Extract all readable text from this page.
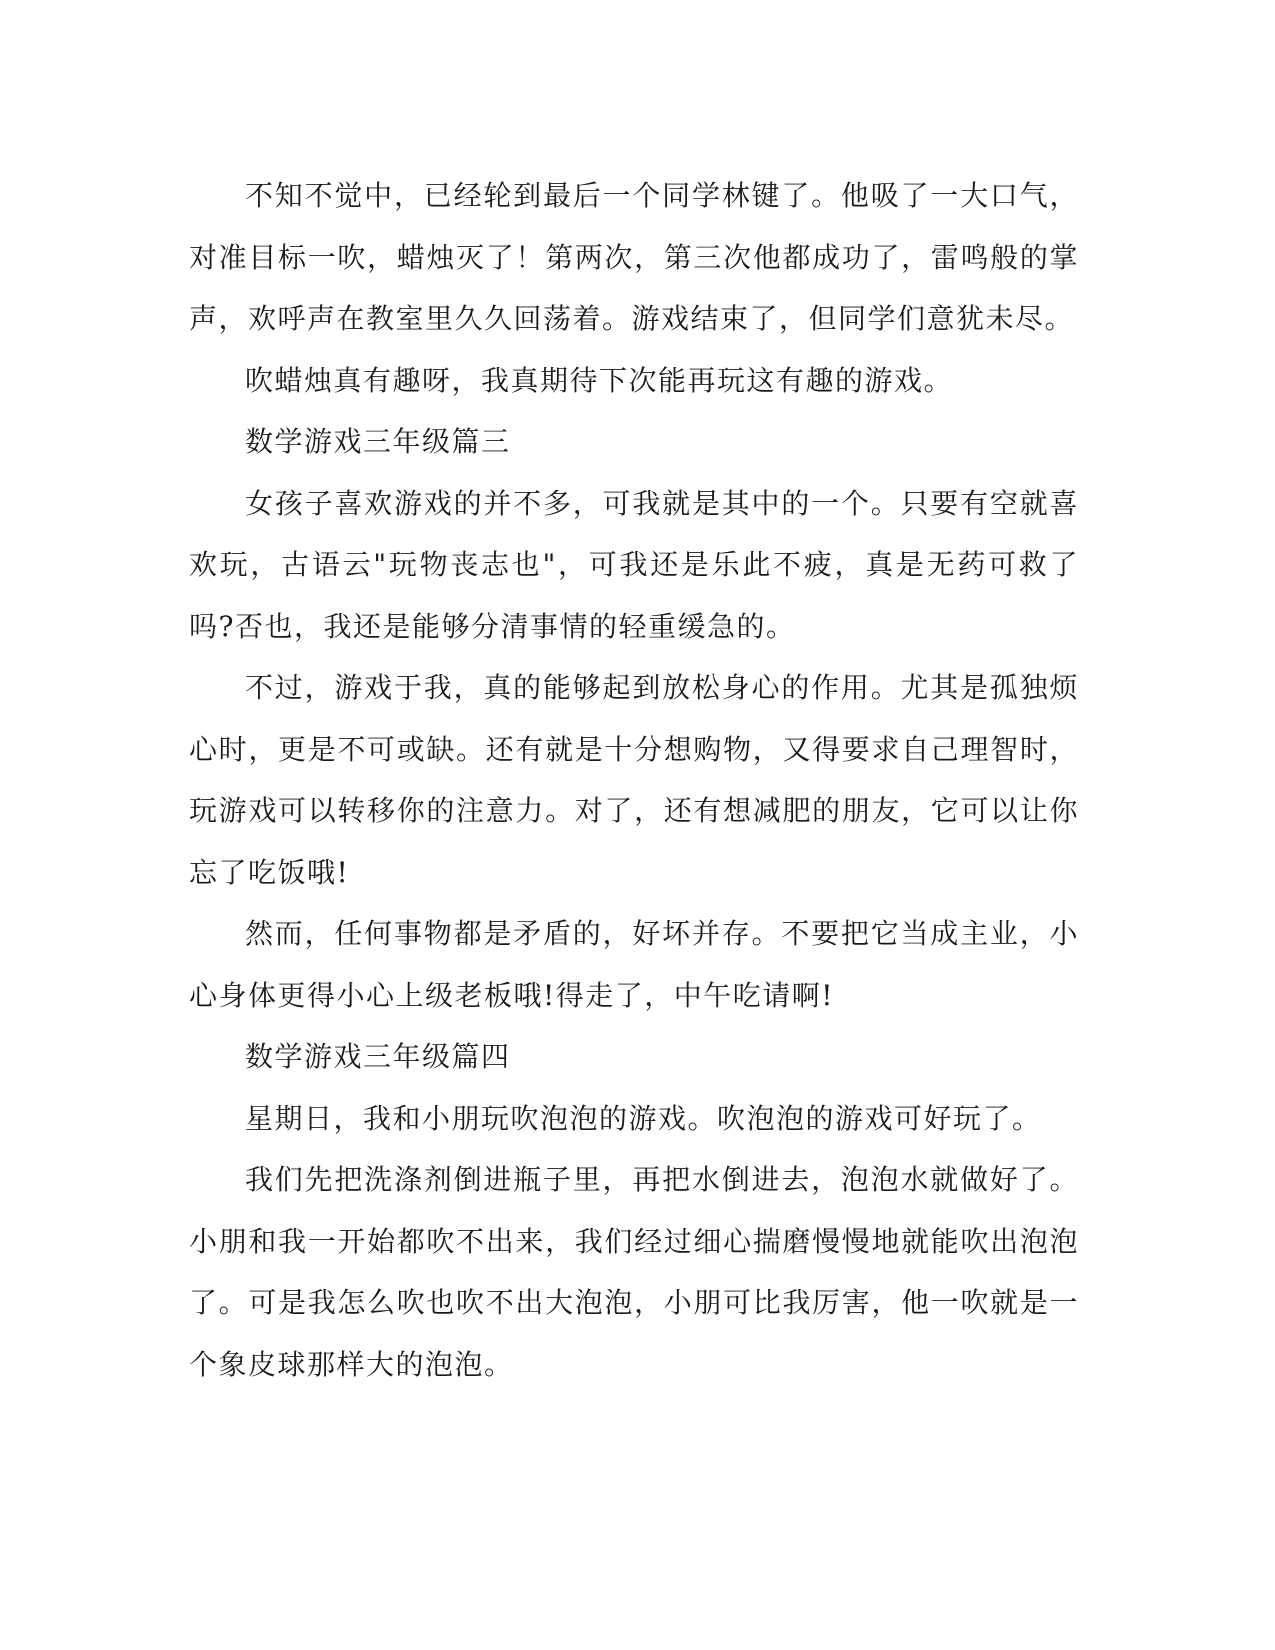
不知不觉中，已经轮到最后一个同学林键了。他吸了一大口气，对准目标一吹，蜡烛灭了！第两次，第三次他都成功了，雷鸣般的掌声，欢呼声在教室里久久回荡着。游戏结束了，但同学们意犹未尽。

吹蜡烛真有趣呀，我真期待下次能再玩这有趣的游戏。

数学游戏三年级篇三

女孩子喜欢游戏的并不多，可我就是其中的一个。只要有空就喜欢玩，古语云"玩物丧志也"，可我还是乐此不疲，真是无药可救了吗?否也，我还是能够分清事情的轻重缓急的。

不过，游戏于我，真的能够起到放松身心的作用。尤其是孤独烦心时，更是不可或缺。还有就是十分想购物，又得要求自己理智时，玩游戏可以转移你的注意力。对了，还有想减肥的朋友，它可以让你忘了吃饭哦!

然而，任何事物都是矛盾的，好坏并存。不要把它当成主业，小心身体更得小心上级老板哦!得走了，中午吃请啊!

数学游戏三年级篇四

星期日，我和小朋玩吹泡泡的游戏。吹泡泡的游戏可好玩了。

我们先把洗涤剂倒进瓶子里，再把水倒进去，泡泡水就做好了。小朋和我一开始都吹不出来，我们经过细心揣磨慢慢地就能吹出泡泡了。可是我怎么吹也吹不出大泡泡，小朋可比我厉害，他一吹就是一个象皮球那样大的泡泡。
